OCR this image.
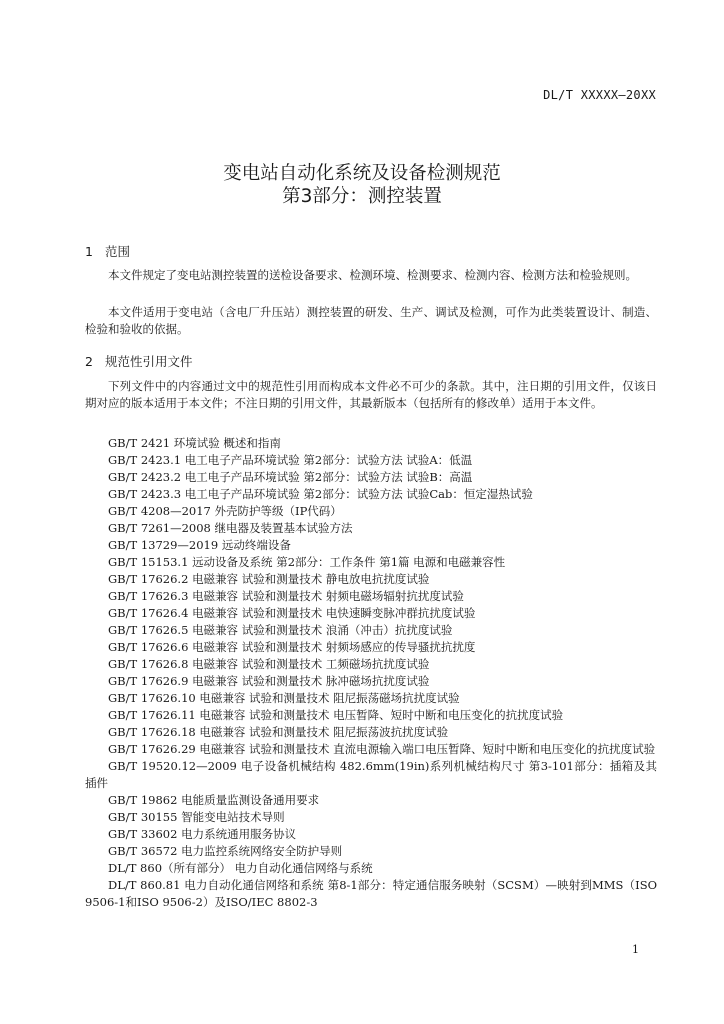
DL/T XXXXX—20XX
变电站自动化系统及设备检测规范
第3部分：测控装置
1 范围
本文件规定了变电站测控装置的送检设备要求、检测环境、检测要求、检测内容、检测方法和检验规则。
本文件适用于变电站（含电厂升压站）测控装置的研发、生产、调试及检测，可作为此类装置设计、制造、检验和验收的依据。
2 规范性引用文件
下列文件中的内容通过文中的规范性引用而构成本文件必不可少的条款。其中，注日期的引用文件，仅该日期对应的版本适用于本文件；不注日期的引用文件，其最新版本（包括所有的修改单）适用于本文件。
GB/T 2421 环境试验 概述和指南
GB/T 2423.1 电工电子产品环境试验 第2部分：试验方法 试验A：低温
GB/T 2423.2 电工电子产品环境试验 第2部分：试验方法 试验B：高温
GB/T 2423.3 电工电子产品环境试验 第2部分：试验方法 试验Cab：恒定湿热试验
GB/T 4208—2017 外壳防护等级（IP代码）
GB/T 7261—2008 继电器及装置基本试验方法
GB/T 13729—2019 远动终端设备
GB/T 15153.1 远动设备及系统 第2部分：工作条件 第1篇 电源和电磁兼容性
GB/T 17626.2 电磁兼容 试验和测量技术 静电放电抗扰度试验
GB/T 17626.3 电磁兼容 试验和测量技术 射频电磁场辐射抗扰度试验
GB/T 17626.4 电磁兼容 试验和测量技术 电快速瞬变脉冲群抗扰度试验
GB/T 17626.5 电磁兼容 试验和测量技术 浪涌（冲击）抗扰度试验
GB/T 17626.6 电磁兼容 试验和测量技术 射频场感应的传导骚扰抗扰度
GB/T 17626.8 电磁兼容 试验和测量技术 工频磁场抗扰度试验
GB/T 17626.9 电磁兼容 试验和测量技术 脉冲磁场抗扰度试验
GB/T 17626.10 电磁兼容 试验和测量技术 阻尼振荡磁场抗扰度试验
GB/T 17626.11 电磁兼容 试验和测量技术 电压暂降、短时中断和电压变化的抗扰度试验
GB/T 17626.18 电磁兼容 试验和测量技术 阻尼振荡波抗扰度试验
GB/T 17626.29 电磁兼容 试验和测量技术 直流电源输入端口电压暂降、短时中断和电压变化的抗扰度试验
GB/T 19520.12—2009 电子设备机械结构 482.6mm(19in)系列机械结构尺寸 第3-101部分：插箱及其插件
GB/T 19862 电能质量监测设备通用要求
GB/T 30155 智能变电站技术导则
GB/T 33602 电力系统通用服务协议
GB/T 36572 电力监控系统网络安全防护导则
DL/T 860（所有部分） 电力自动化通信网络与系统
DL/T 860.81 电力自动化通信网络和系统 第8-1部分：特定通信服务映射（SCSM）—映射到MMS（ISO 9506-1和ISO 9506-2）及ISO/IEC 8802-3
1
